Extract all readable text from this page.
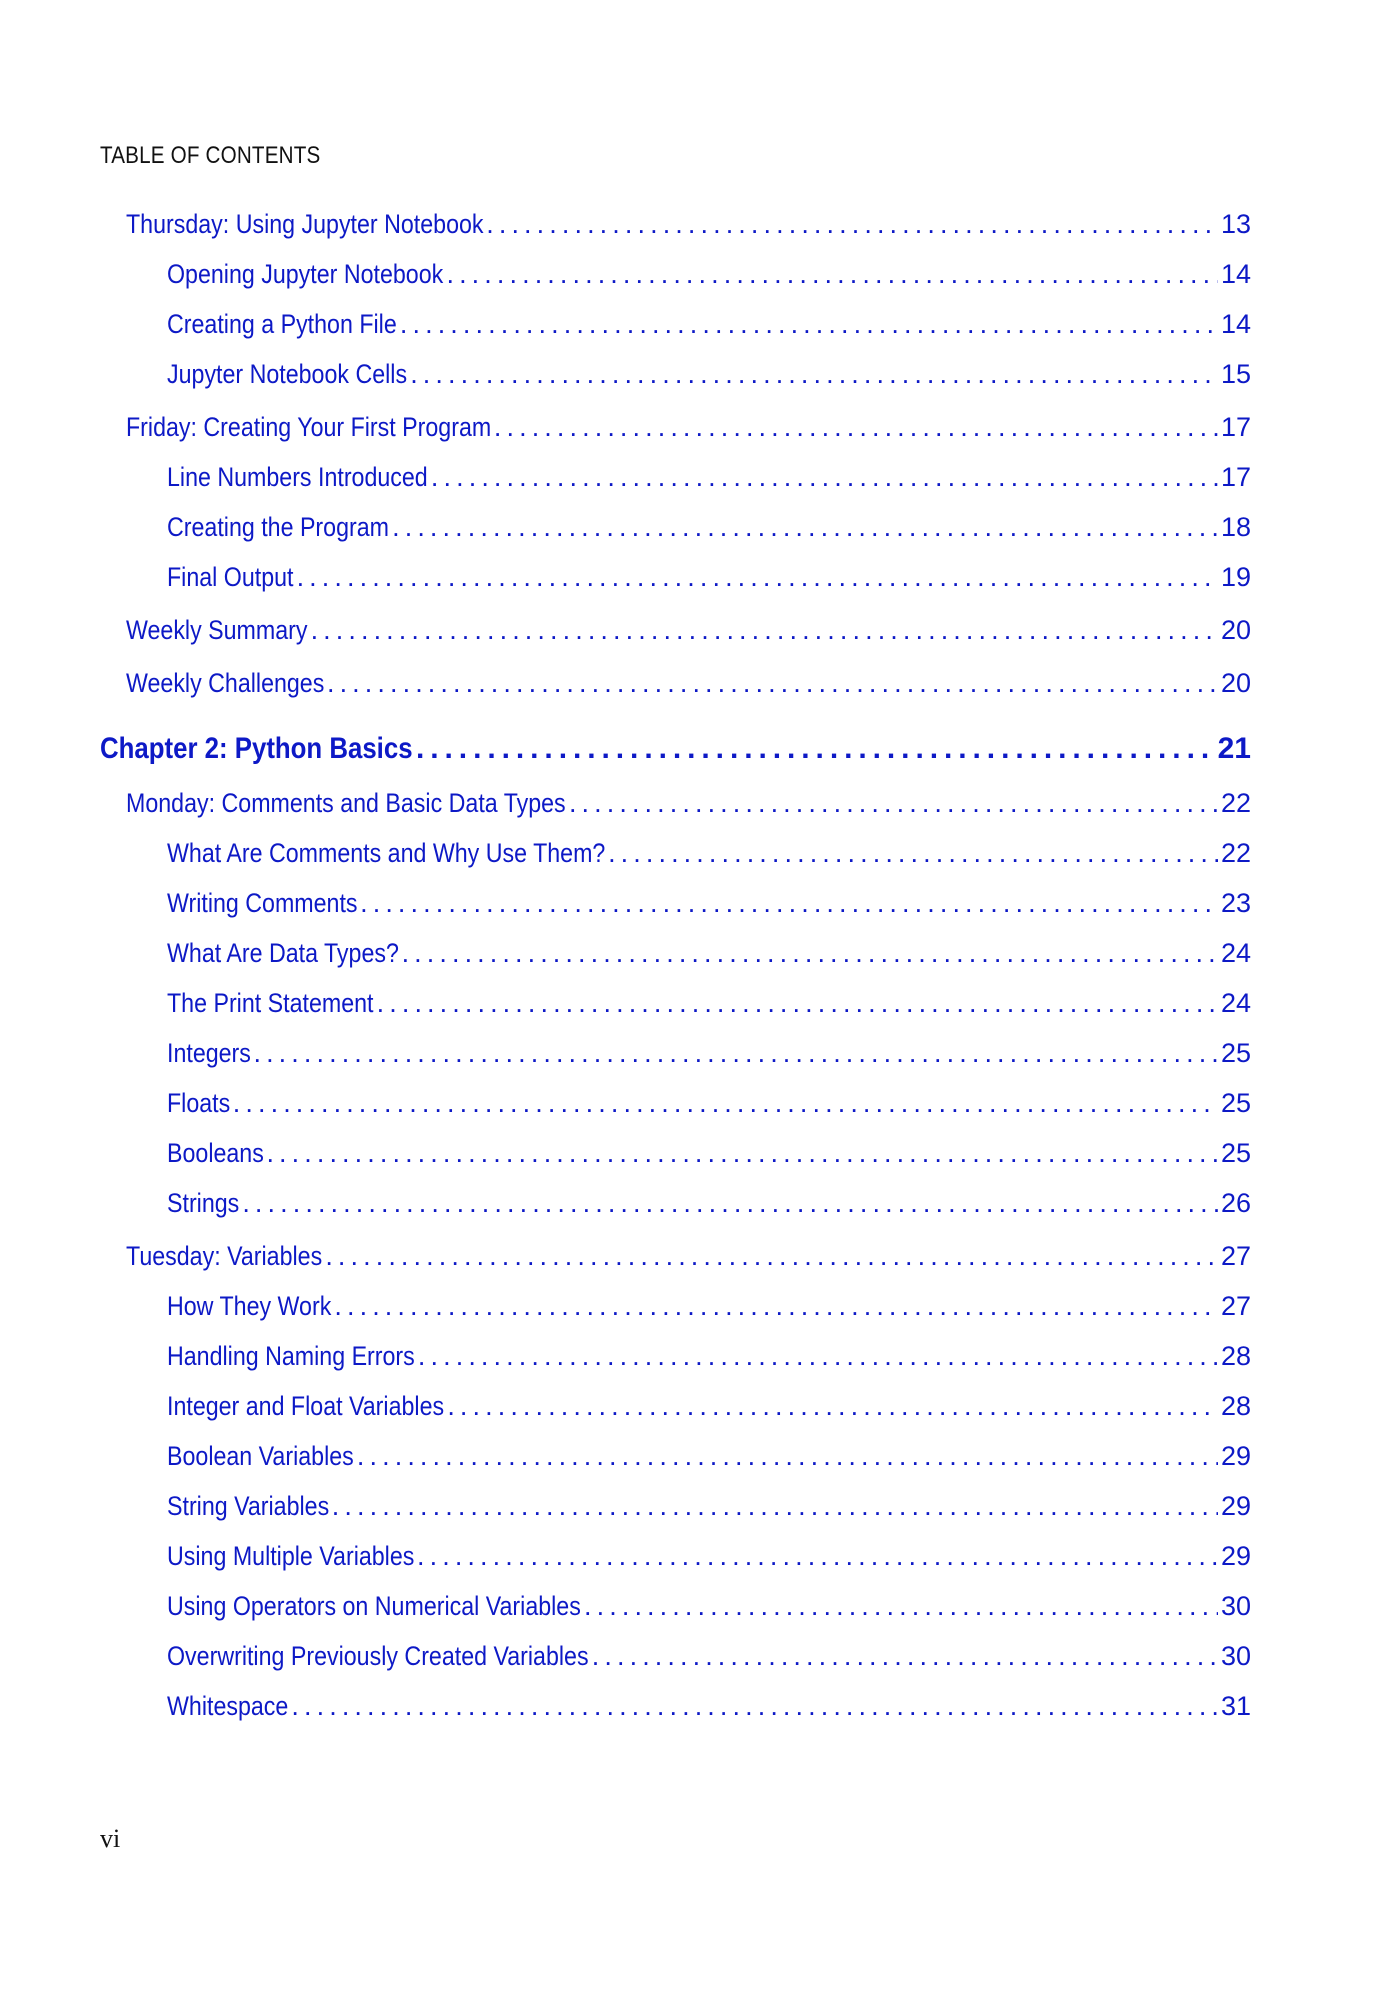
TABLE OF CONTENTS
Thursday: Using Jupyter Notebook . . .	13
Opening Jupyter Notebook . . .	14
Creating a Python File . . .	14
Jupyter Notebook Cells . . .	15
Friday: Creating Your First Program . . .	17
Line Numbers Introduced . . .	17
Creating the Program . . .	18
Final Output . . .	19
Weekly Summary . . .	20
Weekly Challenges . . .	20
Chapter 2: Python Basics . . .	21
Monday: Comments and Basic Data Types . . .	22
What Are Comments and Why Use Them? . . .	22
Writing Comments . . .	23
What Are Data Types? . . .	24
The Print Statement . . .	24
Integers . . .	25
Floats . . .	25
Booleans . . .	25
Strings . . .	26
Tuesday: Variables . . .	27
How They Work . . .	27
Handling Naming Errors . . .	28
Integer and Float Variables . . .	28
Boolean Variables . . .	29
String Variables . . .	29
Using Multiple Variables . . .	29
Using Operators on Numerical Variables . . .	30
Overwriting Previously Created Variables . . .	30
Whitespace . . .	31
vi
